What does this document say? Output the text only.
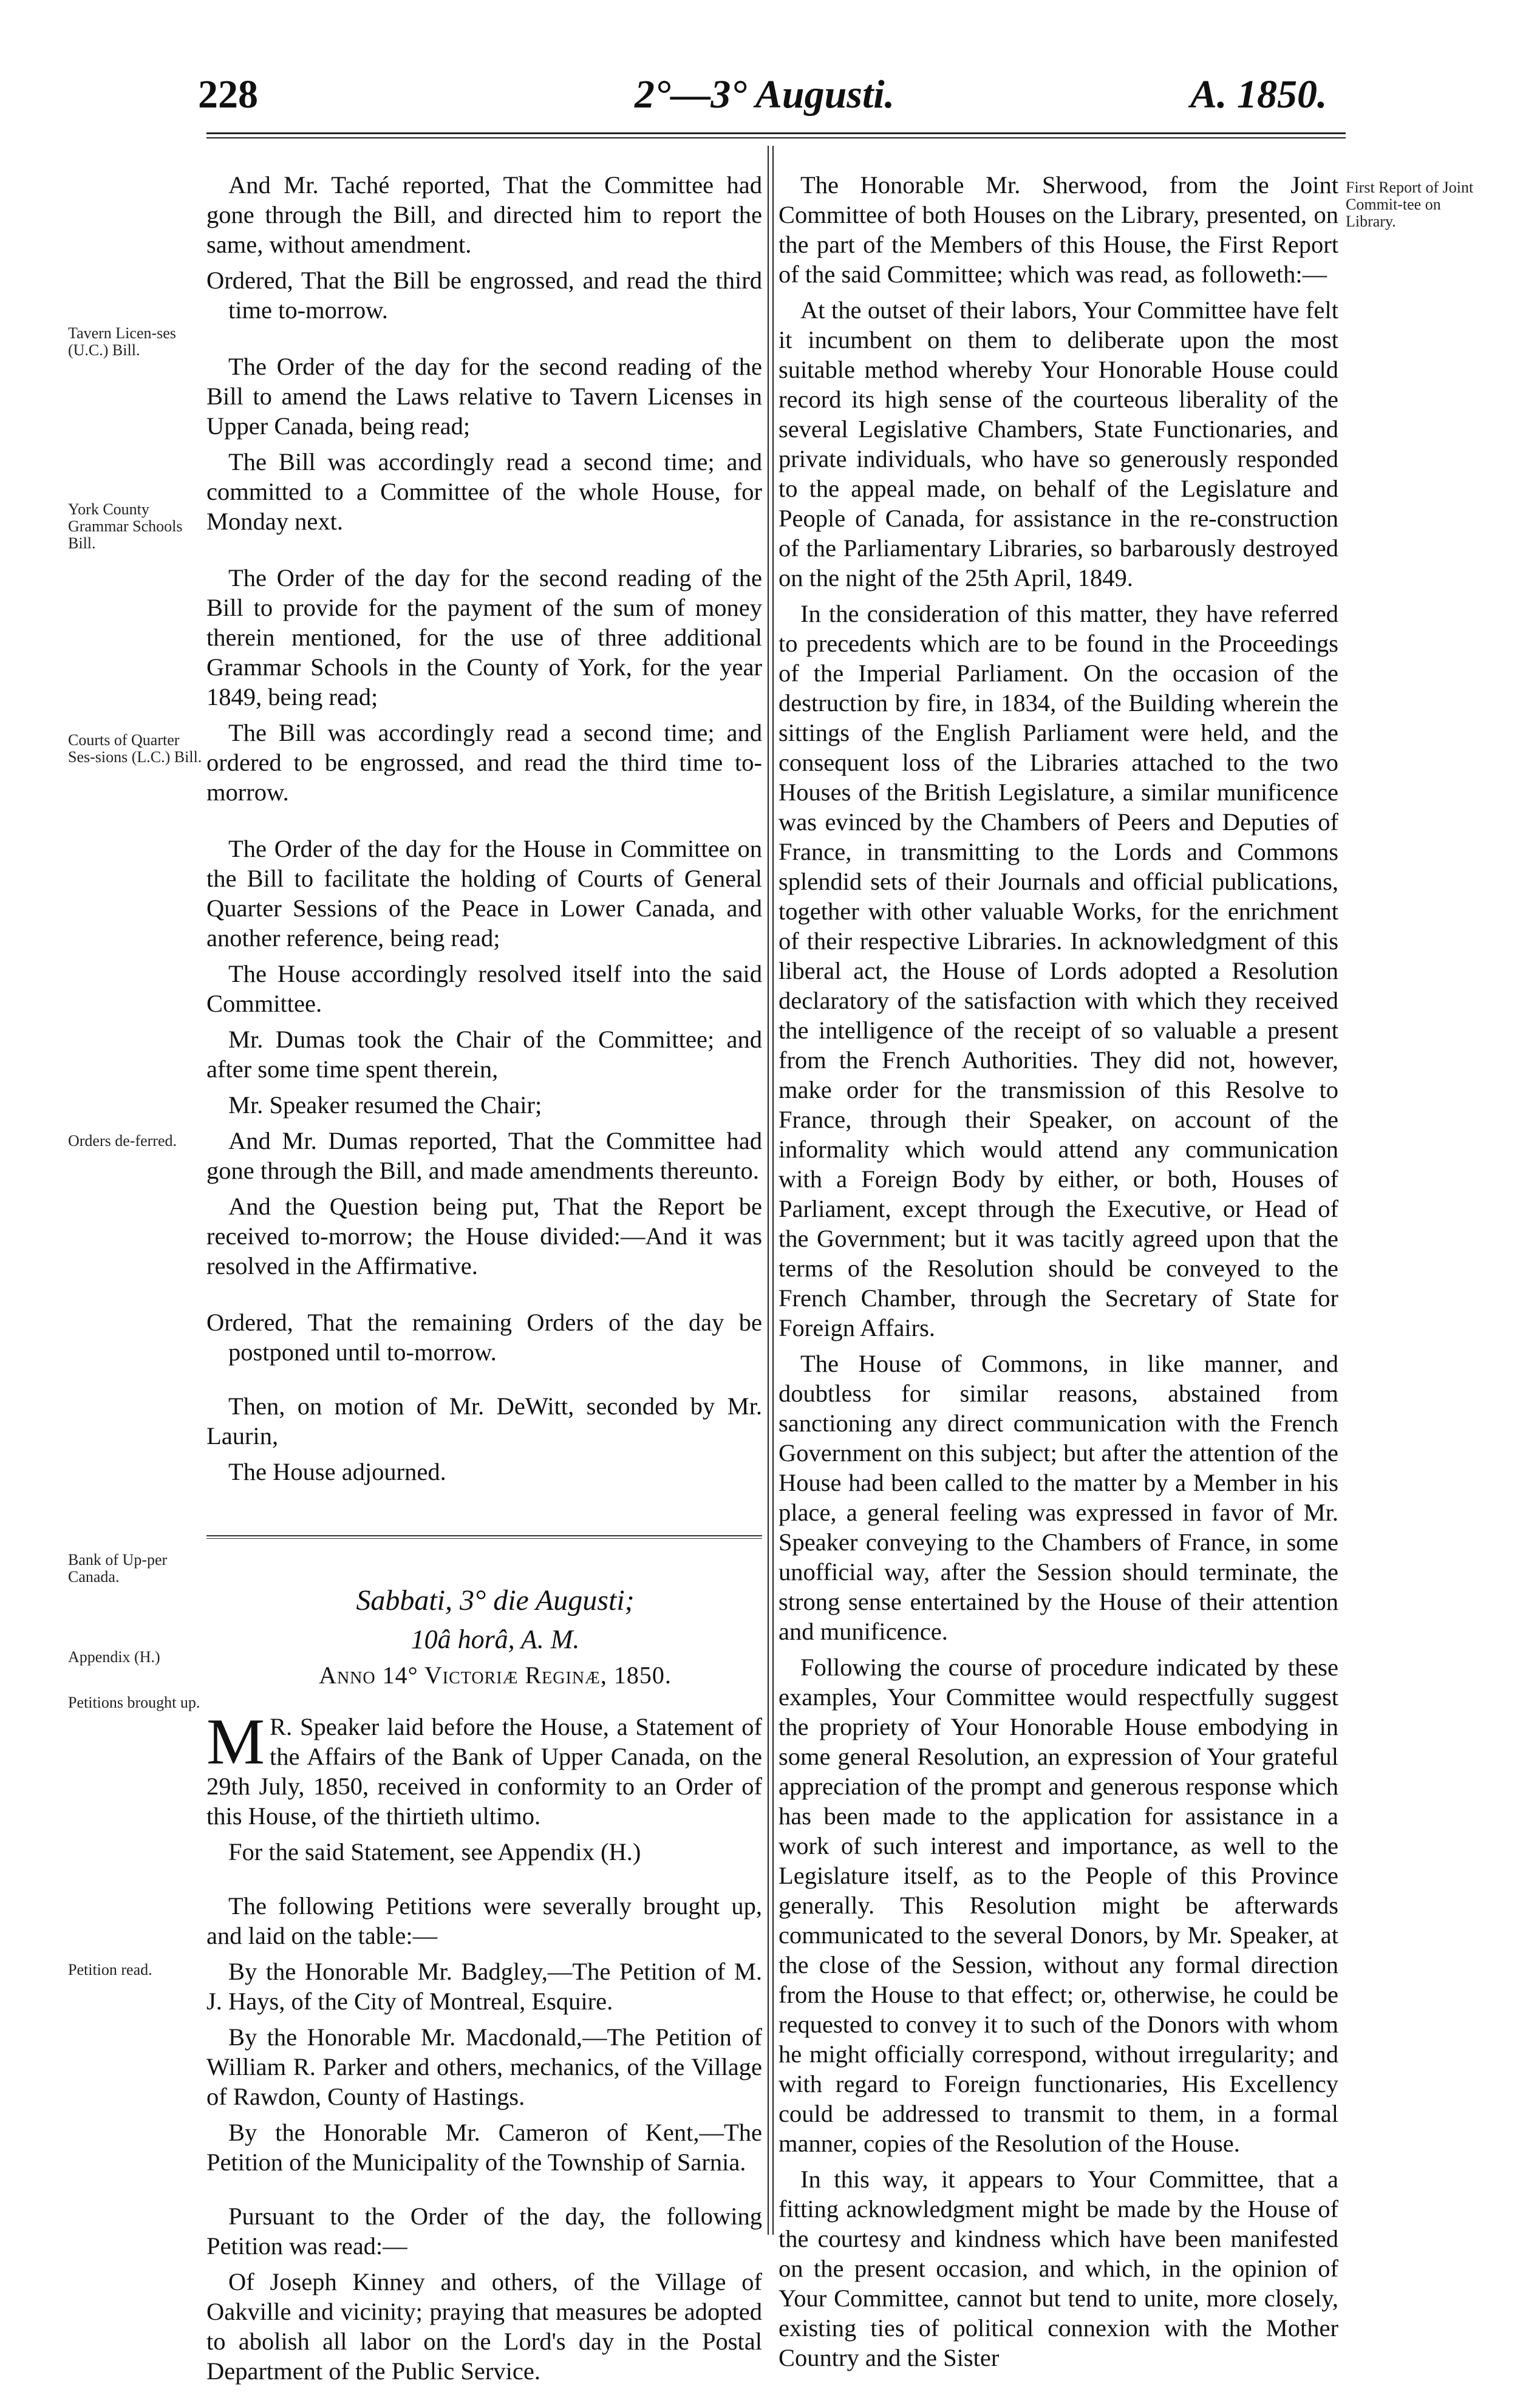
228	2°—3° Augusti.	A. 1850.
Tavern Licen-ses (U.C.) Bill.
York County Grammar Schools Bill.
Courts of Quarter Ses-sions (L.C.) Bill.
Orders de-ferred.
Bank of Up-per Canada.
Appendix (H.)
Petitions brought up.
Petition read.
First Report of Joint Commit-tee on Library.

And Mr. Taché reported, That the Committee had gone through the Bill, and directed him to report the same, without amendment.

Ordered, That the Bill be engrossed, and read the third time to-morrow.

The Order of the day for the second reading of the Bill to amend the Laws relative to Tavern Licenses in Upper Canada, being read;

The Bill was accordingly read a second time; and committed to a Committee of the whole House, for Monday next.

The Order of the day for the second reading of the Bill to provide for the payment of the sum of money therein mentioned, for the use of three additional Grammar Schools in the County of York, for the year 1849, being read;

The Bill was accordingly read a second time; and ordered to be engrossed, and read the third time to-morrow.

The Order of the day for the House in Committee on the Bill to facilitate the holding of Courts of General Quarter Sessions of the Peace in Lower Canada, and another reference, being read;

The House accordingly resolved itself into the said Committee.

Mr. Dumas took the Chair of the Committee; and after some time spent therein,

Mr. Speaker resumed the Chair;

And Mr. Dumas reported, That the Committee had gone through the Bill, and made amendments thereunto.

And the Question being put, That the Report be received to-morrow; the House divided:—And it was resolved in the Affirmative.

Ordered, That the remaining Orders of the day be postponed until to-morrow.

Then, on motion of Mr. DeWitt, seconded by Mr. Laurin,

The House adjourned.

Sabbati, 3° die Augusti;

10â horâ, A. M.

Anno 14° Victoriæ Reginæ, 1850.

M R. Speaker laid before the House, a Statement of the Affairs of the Bank of Upper Canada, on the 29th July, 1850, received in conformity to an Order of this House, of the thirtieth ultimo.

For the said Statement, see Appendix (H.)

The following Petitions were severally brought up, and laid on the table:—

By the Honorable Mr. Badgley,—The Petition of M. J. Hays, of the City of Montreal, Esquire.

By the Honorable Mr. Macdonald,—The Petition of William R. Parker and others, mechanics, of the Village of Rawdon, County of Hastings.

By the Honorable Mr. Cameron of Kent,—The Petition of the Municipality of the Township of Sarnia.

Pursuant to the Order of the day, the following Petition was read:—

Of Joseph Kinney and others, of the Village of Oakville and vicinity; praying that measures be adopted to abolish all labor on the Lord's day in the Postal Department of the Public Service.

The Honorable Mr. Sherwood, from the Joint Committee of both Houses on the Library, presented, on the part of the Members of this House, the First Report of the said Committee; which was read, as followeth:—

At the outset of their labors, Your Committee have felt it incumbent on them to deliberate upon the most suitable method whereby Your Honorable House could record its high sense of the courteous liberality of the several Legislative Chambers, State Functionaries, and private individuals, who have so generously responded to the appeal made, on behalf of the Legislature and People of Canada, for assistance in the re-construction of the Parliamentary Libraries, so barbarously destroyed on the night of the 25th April, 1849.

In the consideration of this matter, they have referred to precedents which are to be found in the Proceedings of the Imperial Parliament. On the occasion of the destruction by fire, in 1834, of the Building wherein the sittings of the English Parliament were held, and the consequent loss of the Libraries attached to the two Houses of the British Legislature, a similar munificence was evinced by the Chambers of Peers and Deputies of France, in transmitting to the Lords and Commons splendid sets of their Journals and official publications, together with other valuable Works, for the enrichment of their respective Libraries. In acknowledgment of this liberal act, the House of Lords adopted a Resolution declaratory of the satisfaction with which they received the intelligence of the receipt of so valuable a present from the French Authorities. They did not, however, make order for the transmission of this Resolve to France, through their Speaker, on account of the informality which would attend any communication with a Foreign Body by either, or both, Houses of Parliament, except through the Executive, or Head of the Government; but it was tacitly agreed upon that the terms of the Resolution should be conveyed to the French Chamber, through the Secretary of State for Foreign Affairs.

The House of Commons, in like manner, and doubtless for similar reasons, abstained from sanctioning any direct communication with the French Government on this subject; but after the attention of the House had been called to the matter by a Member in his place, a general feeling was expressed in favor of Mr. Speaker conveying to the Chambers of France, in some unofficial way, after the Session should terminate, the strong sense entertained by the House of their attention and munificence.

Following the course of procedure indicated by these examples, Your Committee would respectfully suggest the propriety of Your Honorable House embodying in some general Resolution, an expression of Your grateful appreciation of the prompt and generous response which has been made to the application for assistance in a work of such interest and importance, as well to the Legislature itself, as to the People of this Province generally. This Resolution might be afterwards communicated to the several Donors, by Mr. Speaker, at the close of the Session, without any formal direction from the House to that effect; or, otherwise, he could be requested to convey it to such of the Donors with whom he might officially correspond, without irregularity; and with regard to Foreign functionaries, His Excellency could be addressed to transmit to them, in a formal manner, copies of the Resolution of the House.

In this way, it appears to Your Committee, that a fitting acknowledgment might be made by the House of the courtesy and kindness which have been manifested on the present occasion, and which, in the opinion of Your Committee, cannot but tend to unite, more closely, existing ties of political connexion with the Mother Country and the Sister
